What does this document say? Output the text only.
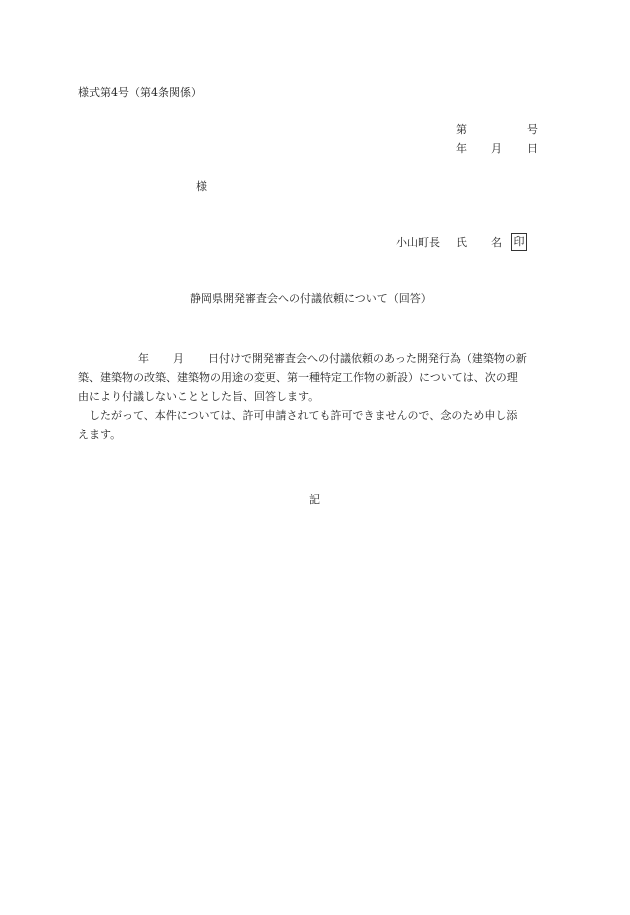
様式第4号（第4条関係）
第	号
年 月 日
様
小山町長 氏 名 印
静岡県開発審査会への付議依頼について（回答）
年 月 日付けで開発審査会への付議依頼のあった開発行為（建築物の新
築、建築物の改築、建築物の用途の変更、第一種特定工作物の新設）については、次の理
由により付議しないこととした旨、回答します。
したがって、本件については、許可申請されても許可できませんので、念のため申し添
えます。
記
